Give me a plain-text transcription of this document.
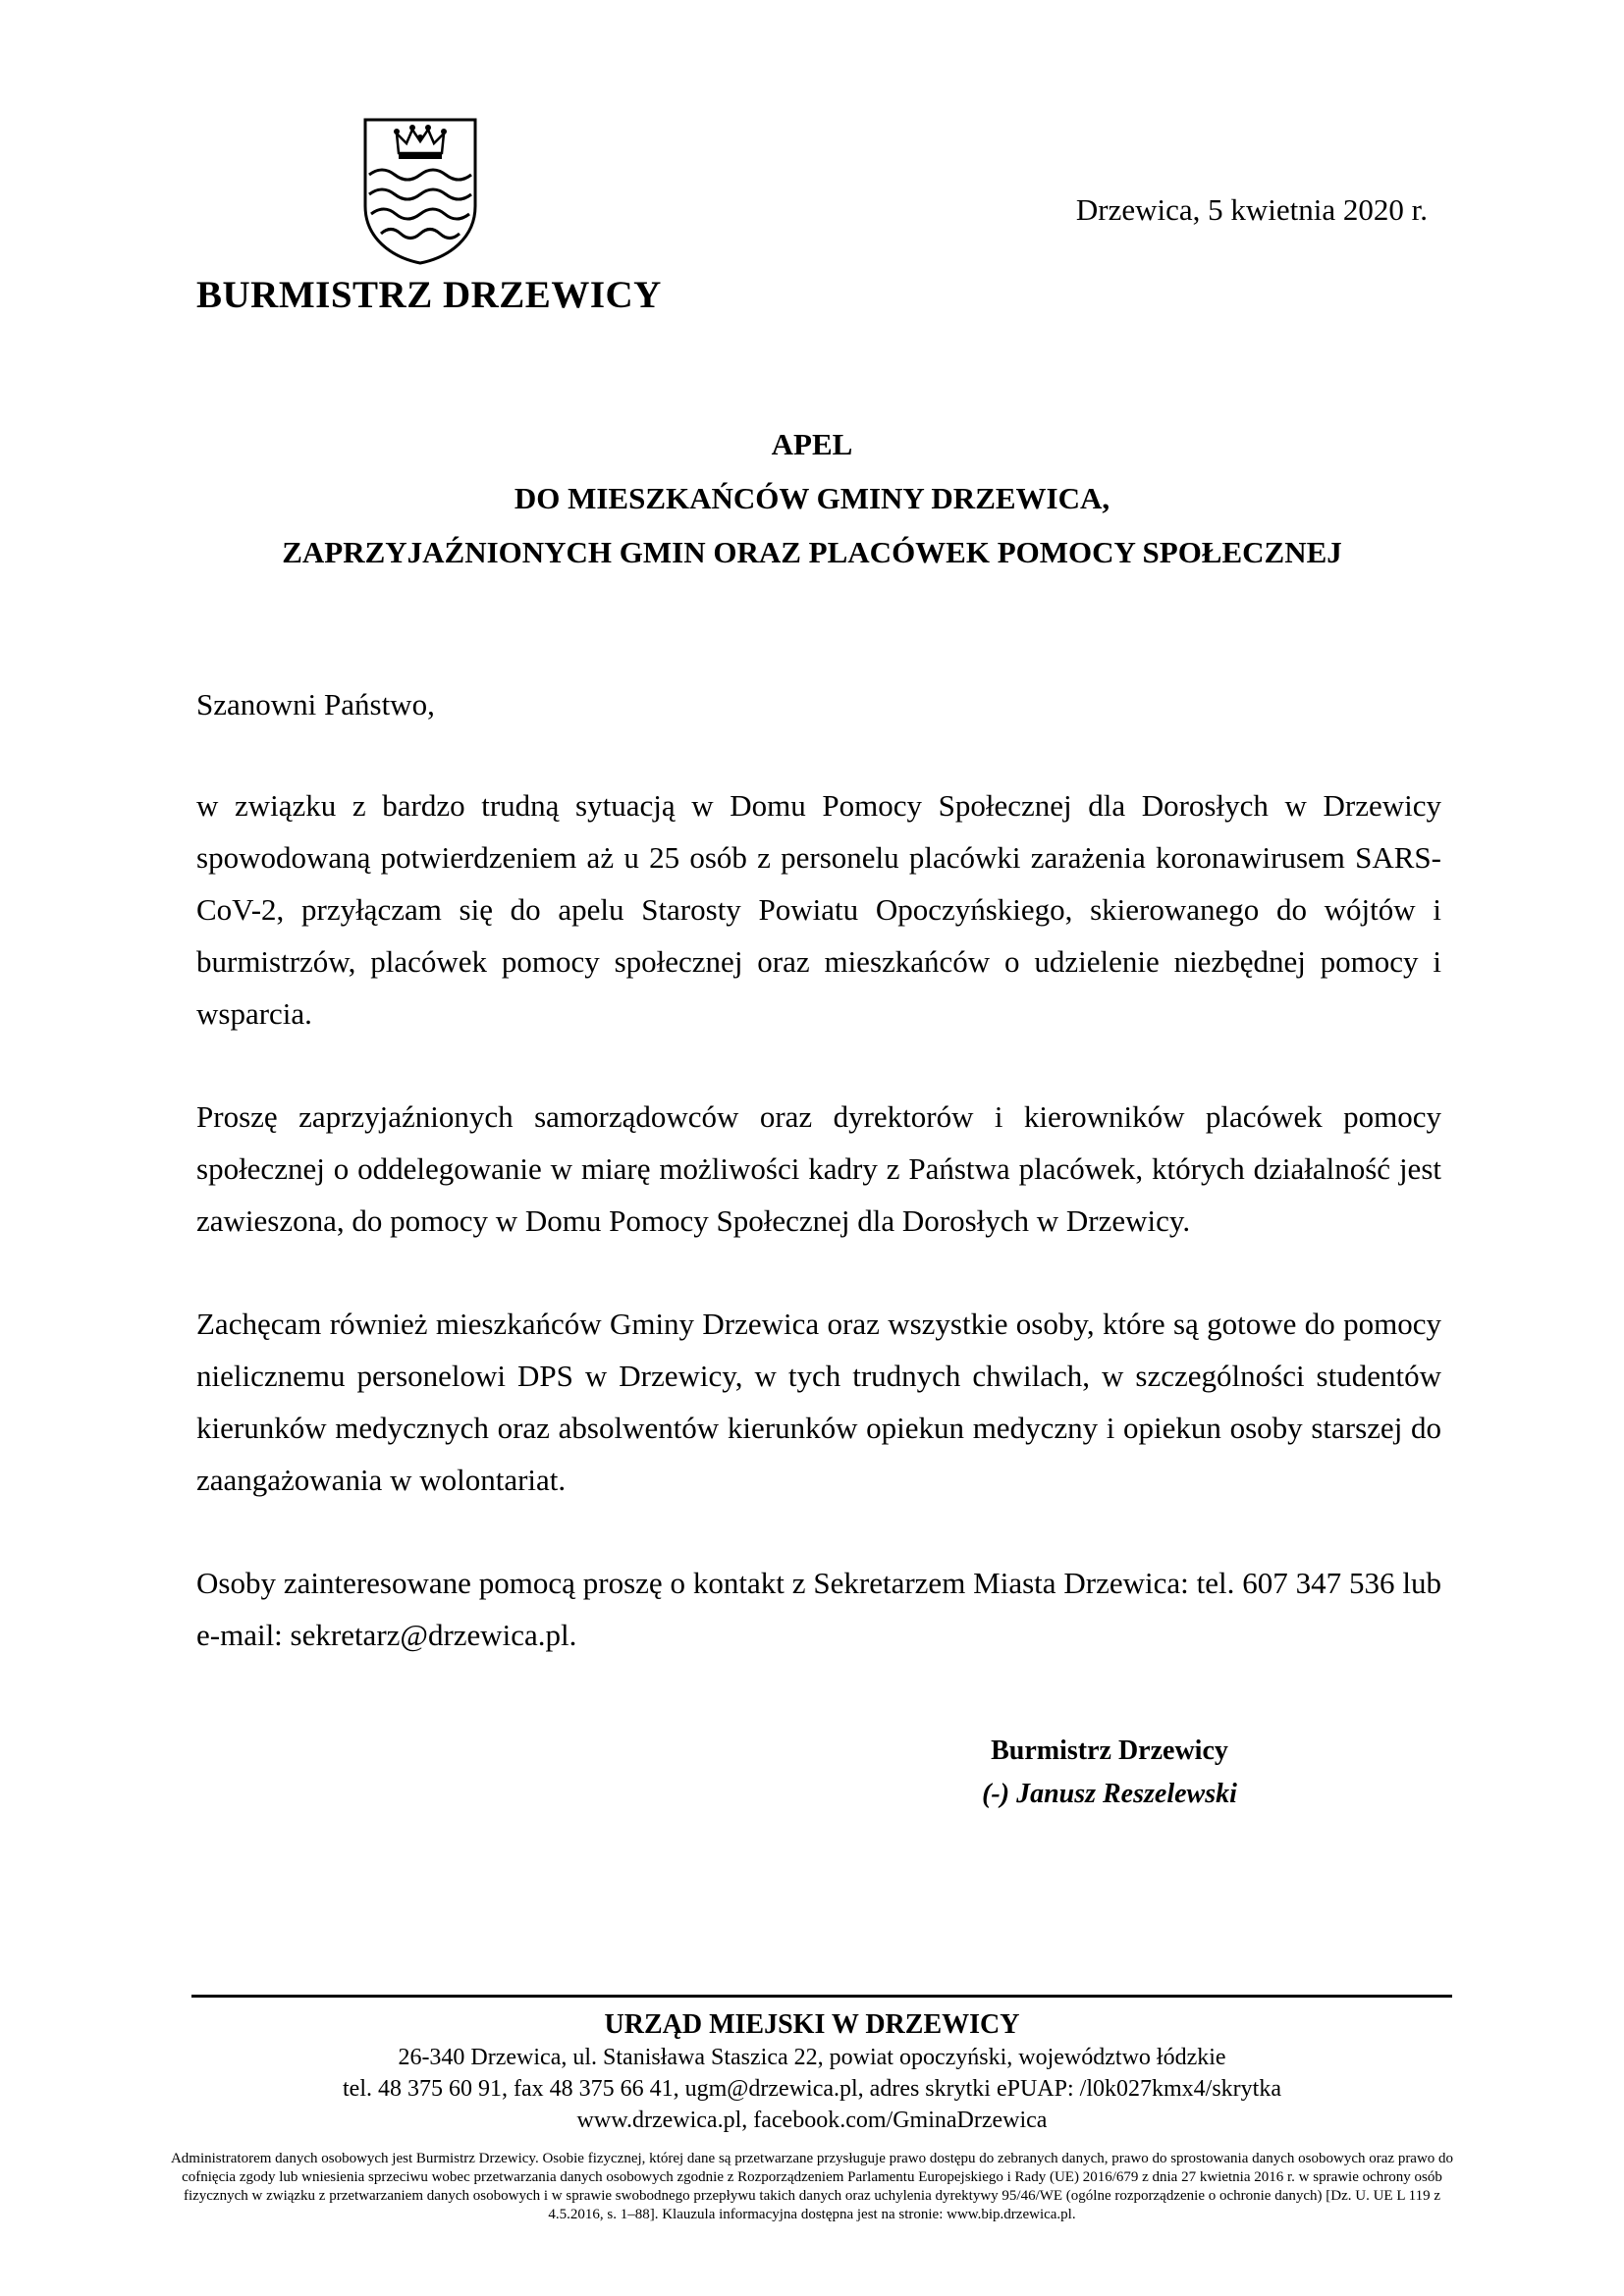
Drzewica, 5 kwietnia 2020 r.
BURMISTRZ DRZEWICY
APEL
DO MIESZKAŃCÓW GMINY DRZEWICA,
ZAPRZYJAŹNIONYCH GMIN ORAZ PLACÓWEK POMOCY SPOŁECZNEJ

Szanowni Państwo,

w związku z bardzo trudną sytuacją w Domu Pomocy Społecznej dla Dorosłych w Drzewicy spowodowaną potwierdzeniem aż u 25 osób z personelu placówki zarażenia koronawirusem SARS-CoV-2, przyłączam się do apelu Starosty Powiatu Opoczyńskiego, skierowanego do wójtów i burmistrzów, placówek pomocy społecznej oraz mieszkańców o udzielenie niezbędnej pomocy i wsparcia.

Proszę zaprzyjaźnionych samorządowców oraz dyrektorów i kierowników placówek pomocy społecznej o oddelegowanie w miarę możliwości kadry z Państwa placówek, których działalność jest zawieszona, do pomocy w Domu Pomocy Społecznej dla Dorosłych w Drzewicy.

Zachęcam również mieszkańców Gminy Drzewica oraz wszystkie osoby, które są gotowe do pomocy nielicznemu personelowi DPS w Drzewicy, w tych trudnych chwilach, w szczególności studentów kierunków medycznych oraz absolwentów kierunków opiekun medyczny i opiekun osoby starszej do zaangażowania w wolontariat.

Osoby zainteresowane pomocą proszę o kontakt z Sekretarzem Miasta Drzewica: tel. 607 347 536 lub e-mail: sekretarz@drzewica.pl.

Burmistrz Drzewicy
(-) Janusz Reszelewski
URZĄD MIEJSKI W DRZEWICY
26-340 Drzewica, ul. Stanisława Staszica 22, powiat opoczyński, województwo łódzkie
tel. 48 375 60 91, fax 48 375 66 41, ugm@drzewica.pl, adres skrytki ePUAP: /l0k027kmx4/skrytka
www.drzewica.pl, facebook.com/GminaDrzewica
Administratorem danych osobowych jest Burmistrz Drzewicy. Osobie fizycznej, której dane są przetwarzane przysługuje prawo dostępu do zebranych danych, prawo do sprostowania danych osobowych oraz prawo do cofnięcia zgody lub wniesienia sprzeciwu wobec przetwarzania danych osobowych zgodnie z Rozporządzeniem Parlamentu Europejskiego i Rady (UE) 2016/679 z dnia 27 kwietnia 2016 r. w sprawie ochrony osób fizycznych w związku z przetwarzaniem danych osobowych i w sprawie swobodnego przepływu takich danych oraz uchylenia dyrektywy 95/46/WE (ogólne rozporządzenie o ochronie danych) [Dz. U. UE L 119 z 4.5.2016, s. 1–88]. Klauzula informacyjna dostępna jest na stronie: www.bip.drzewica.pl.
